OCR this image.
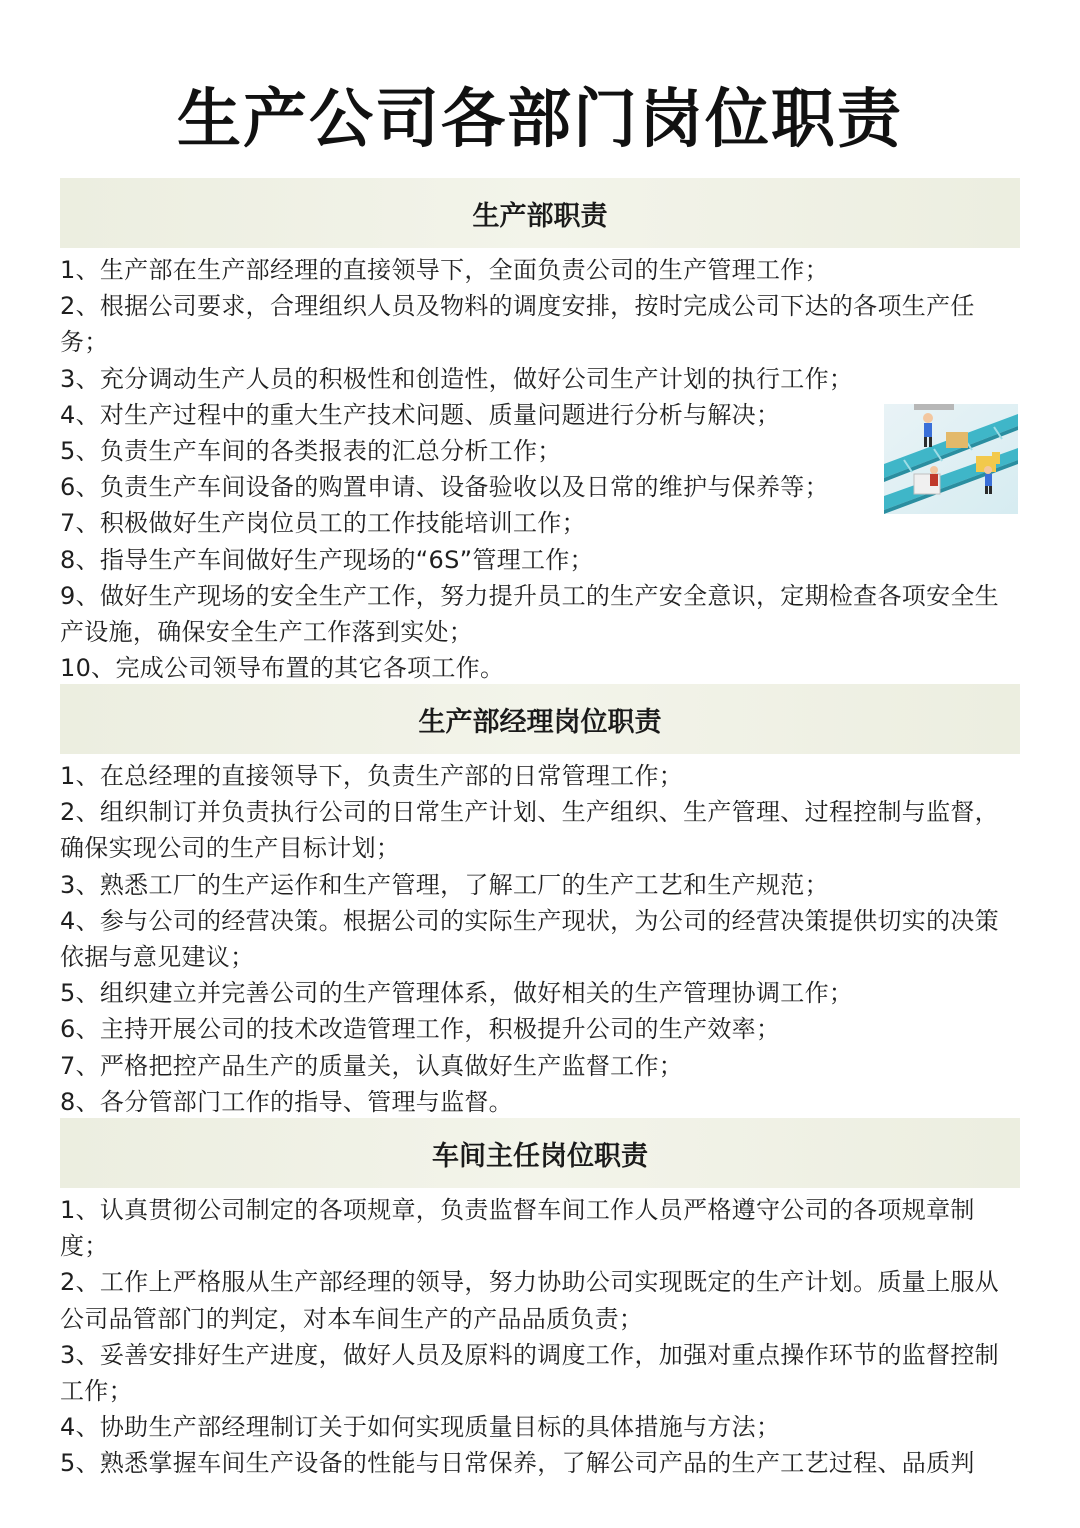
生产公司各部门岗位职责
生产部职责
1、生产部在生产部经理的直接领导下，全面负责公司的生产管理工作；
2、根据公司要求，合理组织人员及物料的调度安排，按时完成公司下达的各项生产任务；
3、充分调动生产人员的积极性和创造性，做好公司生产计划的执行工作；
4、对生产过程中的重大生产技术问题、质量问题进行分析与解决；
5、负责生产车间的各类报表的汇总分析工作；
6、负责生产车间设备的购置申请、设备验收以及日常的维护与保养等；
7、积极做好生产岗位员工的工作技能培训工作；
8、指导生产车间做好生产现场的“6S”管理工作；
9、做好生产现场的安全生产工作，努力提升员工的生产安全意识，定期检查各项安全生产设施，确保安全生产工作落到实处；
10、完成公司领导布置的其它各项工作。
生产部经理岗位职责
1、在总经理的直接领导下，负责生产部的日常管理工作；
2、组织制订并负责执行公司的日常生产计划、生产组织、生产管理、过程控制与监督，确保实现公司的生产目标计划；
3、熟悉工厂的生产运作和生产管理，了解工厂的生产工艺和生产规范；
4、参与公司的经营决策。根据公司的实际生产现状，为公司的经营决策提供切实的决策依据与意见建议；
5、组织建立并完善公司的生产管理体系，做好相关的生产管理协调工作；
6、主持开展公司的技术改造管理工作，积极提升公司的生产效率；
7、严格把控产品生产的质量关，认真做好生产监督工作；
8、各分管部门工作的指导、管理与监督。
车间主任岗位职责
1、认真贯彻公司制定的各项规章，负责监督车间工作人员严格遵守公司的各项规章制度；
2、工作上严格服从生产部经理的领导，努力协助公司实现既定的生产计划。质量上服从公司品管部门的判定，对本车间生产的产品品质负责；
3、妥善安排好生产进度，做好人员及原料的调度工作，加强对重点操作环节的监督控制工作；
4、协助生产部经理制订关于如何实现质量目标的具体措施与方法；
5、熟悉掌握车间生产设备的性能与日常保养，了解公司产品的生产工艺过程、品质判
